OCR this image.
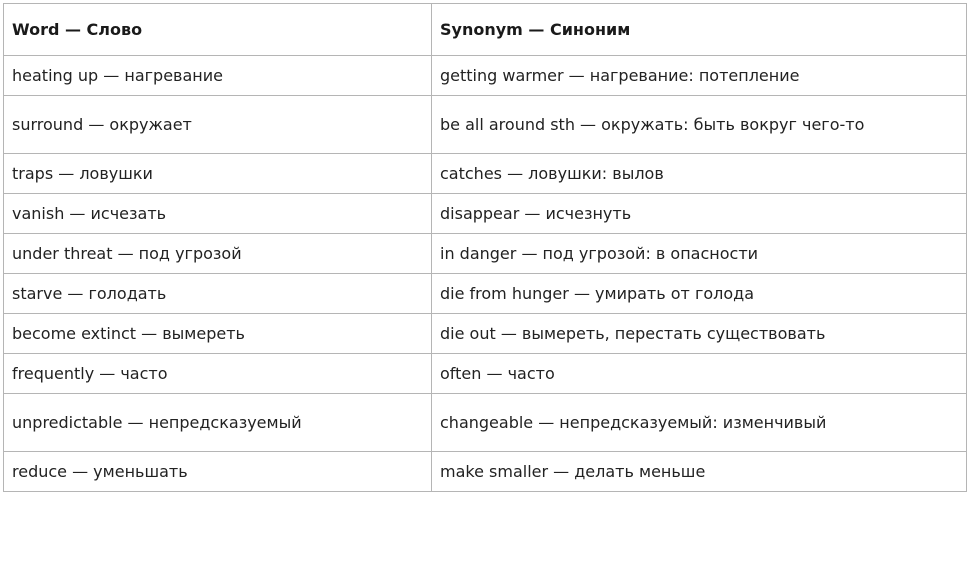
Word — Слово	Synonym — Синоним
heating up — нагревание	getting warmer — нагревание: потепление
surround — окружает	be all around sth — окружать: быть вокруг чего-то
traps — ловушки	catches — ловушки: вылов
vanish — исчезать	disappear — исчезнуть
under threat — под угрозой	in danger — под угрозой: в опасности
starve — голодать	die from hunger — умирать от голода
become extinct — вымереть	die out — вымереть, перестать существовать
frequently — часто	often — часто
unpredictable — непредсказуемый	changeable — непредсказуемый: изменчивый
reduce — уменьшать	make smaller — делать меньше
